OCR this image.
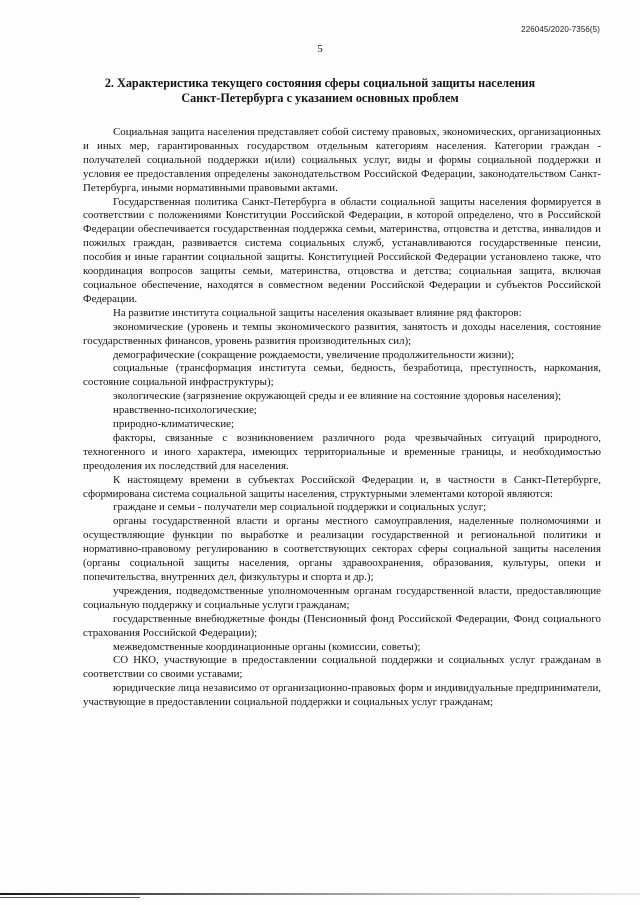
226045/2020-7356(5)
5
2. Характеристика текущего состояния сферы социальной защиты населения Санкт-Петербурга с указанием основных проблем

Социальная защита населения представляет собой систему правовых, экономических, организационных и иных мер, гарантированных государством отдельным категориям населения. Категории граждан - получателей социальной поддержки и(или) социальных услуг, виды и формы социальной поддержки и условия ее предоставления определены законодательством Российской Федерации, законодательством Санкт-Петербурга, иными нормативными правовыми актами.

Государственная политика Санкт-Петербурга в области социальной защиты населения формируется в соответствии с положениями Конституции Российской Федерации, в которой определено, что в Российской Федерации обеспечивается государственная поддержка семьи, материнства, отцовства и детства, инвалидов и пожилых граждан, развивается система социальных служб, устанавливаются государственные пенсии, пособия и иные гарантии социальной защиты. Конституцией Российской Федерации установлено также, что координация вопросов защиты семьи, материнства, отцовства и детства; социальная защита, включая социальное обеспечение, находятся в совместном ведении Российской Федерации и субъектов Российской Федерации.

На развитие института социальной защиты населения оказывает влияние ряд факторов:

экономические (уровень и темпы экономического развития, занятость и доходы населения, состояние государственных финансов, уровень развития производительных сил);

демографические (сокращение рождаемости, увеличение продолжительности жизни);

социальные (трансформация института семьи, бедность, безработица, преступность, наркомания, состояние социальной инфраструктуры);

экологические (загрязнение окружающей среды и ее влияние на состояние здоровья населения);

нравственно-психологические;

природно-климатические;

факторы, связанные с возникновением различного рода чрезвычайных ситуаций природного, техногенного и иного характера, имеющих территориальные и временные границы, и необходимостью преодоления их последствий для населения.

К настоящему времени в субъектах Российской Федерации и, в частности в Санкт-Петербурге, сформирована система социальной защиты населения, структурными элементами которой являются:

граждане и семьи - получатели мер социальной поддержки и социальных услуг;

органы государственной власти и органы местного самоуправления, наделенные полномочиями и осуществляющие функции по выработке и реализации государственной и региональной политики и нормативно-правовому регулированию в соответствующих секторах сферы социальной защиты населения (органы социальной защиты населения, органы здравоохранения, образования, культуры, опеки и попечительства, внутренних дел, физкультуры и спорта и др.);

учреждения, подведомственные уполномоченным органам государственной власти, предоставляющие социальную поддержку и социальные услуги гражданам;

государственные внебюджетные фонды (Пенсионный фонд Российской Федерации, Фонд социального страхования Российской Федерации);

межведомственные координационные органы (комиссии, советы);

СО НКО, участвующие в предоставлении социальной поддержки и социальных услуг гражданам в соответствии со своими уставами;

юридические лица независимо от организационно-правовых форм и индивидуальные предприниматели, участвующие в предоставлении социальной поддержки и социальных услуг гражданам;
